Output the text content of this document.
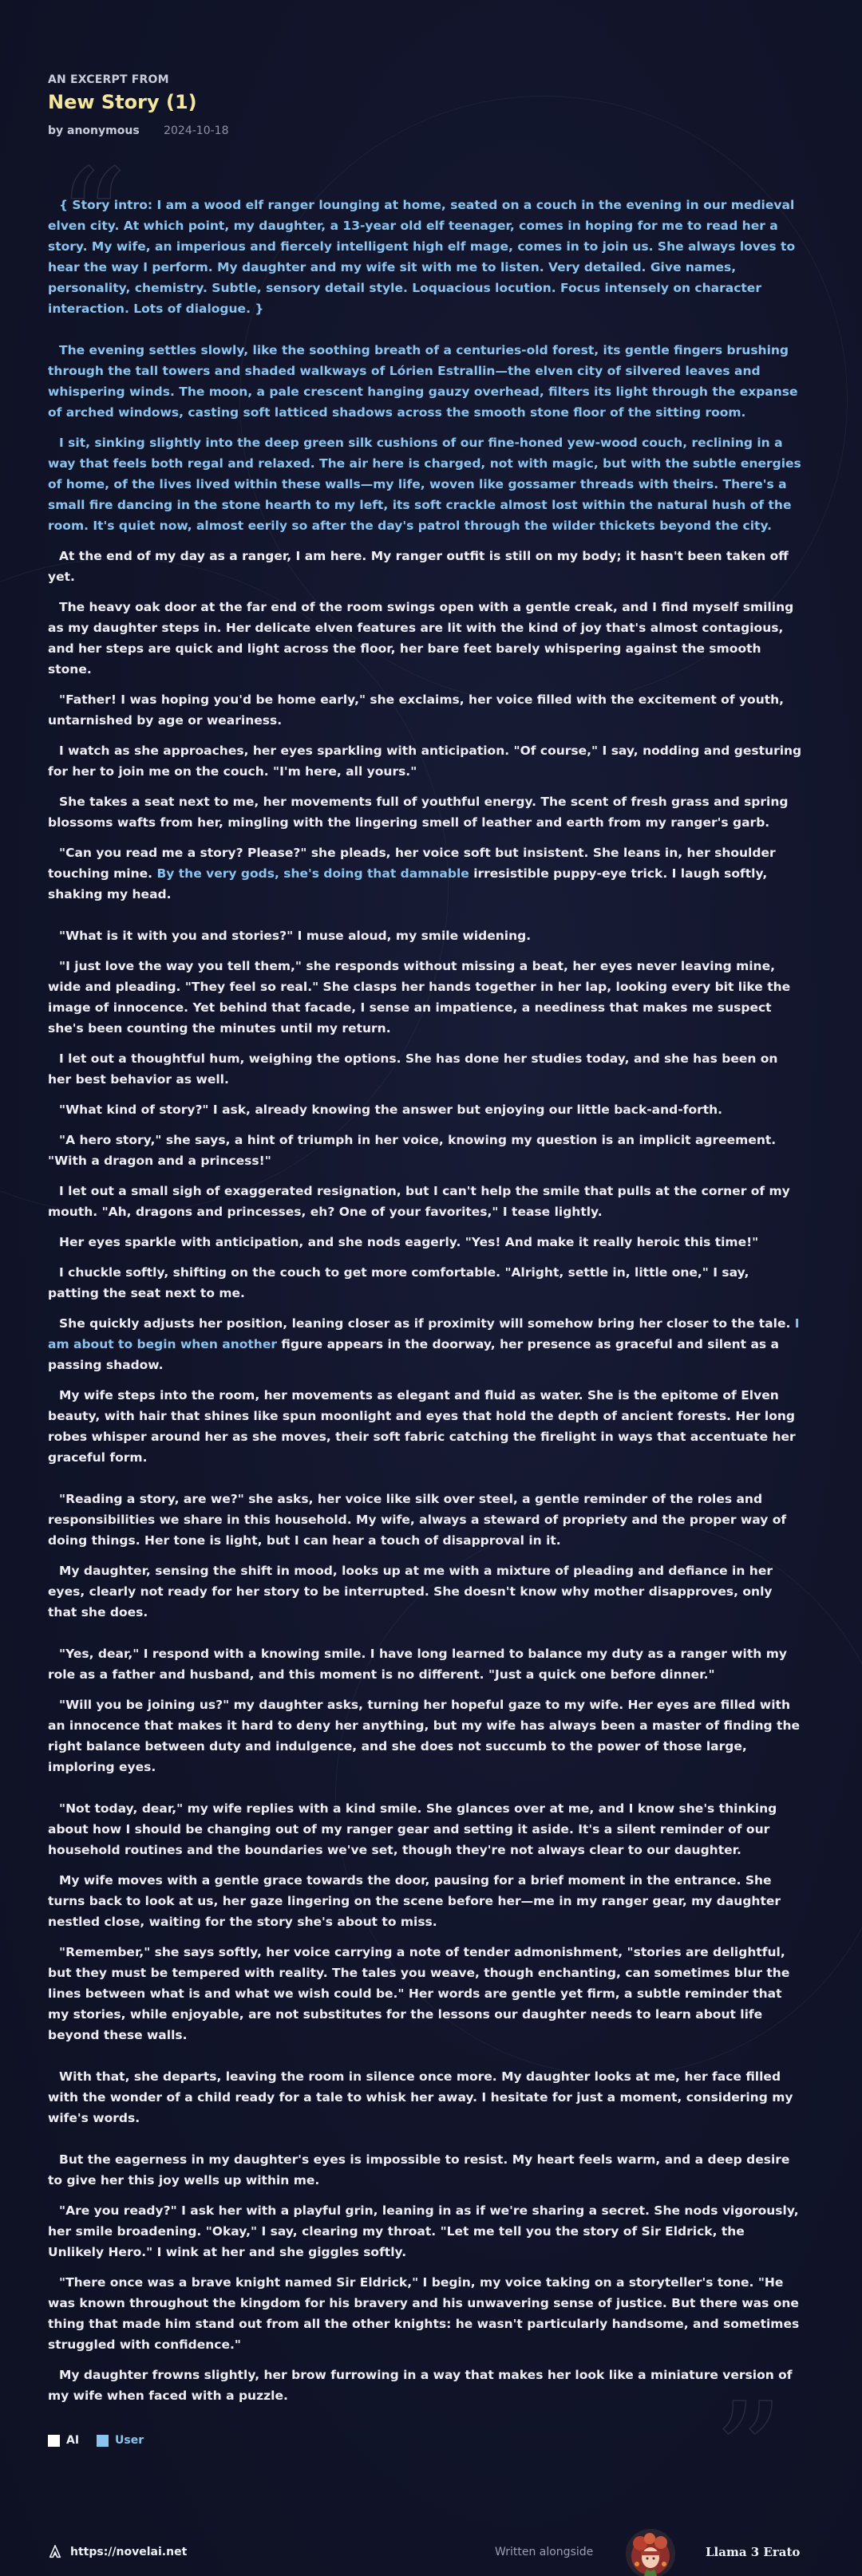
“
”
AN EXCERPT FROM
New Story (1)
by anonymous 2024-10-18

{ Story intro: I am a wood elf ranger lounging at home, seated on a couch in the evening in our medieval elven city. At which point, my daughter, a 13-year old elf teenager, comes in hoping for me to read her a story. My wife, an imperious and fiercely intelligent high elf mage, comes in to join us. She always loves to hear the way I perform. My daughter and my wife sit with me to listen. Very detailed. Give names, personality, chemistry. Subtle, sensory detail style. Loquacious locution. Focus intensely on character interaction. Lots of dialogue. }

The evening settles slowly, like the soothing breath of a centuries-old forest, its gentle fingers brushing through the tall towers and shaded walkways of Lórien Estrallin—the elven city of silvered leaves and whispering winds. The moon, a pale crescent hanging gauzy overhead, filters its light through the expanse of arched windows, casting soft latticed shadows across the smooth stone floor of the sitting room.

I sit, sinking slightly into the deep green silk cushions of our fine-honed yew-wood couch, reclining in a way that feels both regal and relaxed. The air here is charged, not with magic, but with the subtle energies of home, of the lives lived within these walls—my life, woven like gossamer threads with theirs. There's a small fire dancing in the stone hearth to my left, its soft crackle almost lost within the natural hush of the room. It's quiet now, almost eerily so after the day's patrol through the wilder thickets beyond the city.

At the end of my day as a ranger, I am here. My ranger outfit is still on my body; it hasn't been taken off yet.

The heavy oak door at the far end of the room swings open with a gentle creak, and I find myself smiling as my daughter steps in. Her delicate elven features are lit with the kind of joy that's almost contagious, and her steps are quick and light across the floor, her bare feet barely whispering against the smooth stone.

"Father! I was hoping you'd be home early," she exclaims, her voice filled with the excitement of youth, untarnished by age or weariness.

I watch as she approaches, her eyes sparkling with anticipation. "Of course," I say, nodding and gesturing for her to join me on the couch. "I'm here, all yours."

She takes a seat next to me, her movements full of youthful energy. The scent of fresh grass and spring blossoms wafts from her, mingling with the lingering smell of leather and earth from my ranger's garb.

"Can you read me a story? Please?" she pleads, her voice soft but insistent. She leans in, her shoulder touching mine. By the very gods, she's doing that damnable irresistible puppy-eye trick. I laugh softly, shaking my head.

"What is it with you and stories?" I muse aloud, my smile widening.

"I just love the way you tell them," she responds without missing a beat, her eyes never leaving mine, wide and pleading. "They feel so real." She clasps her hands together in her lap, looking every bit like the image of innocence. Yet behind that facade, I sense an impatience, a neediness that makes me suspect she's been counting the minutes until my return.

I let out a thoughtful hum, weighing the options. She has done her studies today, and she has been on her best behavior as well.

"What kind of story?" I ask, already knowing the answer but enjoying our little back-and-forth.

"A hero story," she says, a hint of triumph in her voice, knowing my question is an implicit agreement. "With a dragon and a princess!"

I let out a small sigh of exaggerated resignation, but I can't help the smile that pulls at the corner of my mouth. "Ah, dragons and princesses, eh? One of your favorites," I tease lightly.

Her eyes sparkle with anticipation, and she nods eagerly. "Yes! And make it really heroic this time!"

I chuckle softly, shifting on the couch to get more comfortable. "Alright, settle in, little one," I say, patting the seat next to me.

She quickly adjusts her position, leaning closer as if proximity will somehow bring her closer to the tale. I am about to begin when another figure appears in the doorway, her presence as graceful and silent as a passing shadow.

My wife steps into the room, her movements as elegant and fluid as water. She is the epitome of Elven beauty, with hair that shines like spun moonlight and eyes that hold the depth of ancient forests. Her long robes whisper around her as she moves, their soft fabric catching the firelight in ways that accentuate her graceful form.

"Reading a story, are we?" she asks, her voice like silk over steel, a gentle reminder of the roles and responsibilities we share in this household. My wife, always a steward of propriety and the proper way of doing things. Her tone is light, but I can hear a touch of disapproval in it.

My daughter, sensing the shift in mood, looks up at me with a mixture of pleading and defiance in her eyes, clearly not ready for her story to be interrupted. She doesn't know why mother disapproves, only that she does.

"Yes, dear," I respond with a knowing smile. I have long learned to balance my duty as a ranger with my role as a father and husband, and this moment is no different. "Just a quick one before dinner."

"Will you be joining us?" my daughter asks, turning her hopeful gaze to my wife. Her eyes are filled with an innocence that makes it hard to deny her anything, but my wife has always been a master of finding the right balance between duty and indulgence, and she does not succumb to the power of those large, imploring eyes.

"Not today, dear," my wife replies with a kind smile. She glances over at me, and I know she's thinking about how I should be changing out of my ranger gear and setting it aside. It's a silent reminder of our household routines and the boundaries we've set, though they're not always clear to our daughter.

My wife moves with a gentle grace towards the door, pausing for a brief moment in the entrance. She turns back to look at us, her gaze lingering on the scene before her—me in my ranger gear, my daughter nestled close, waiting for the story she's about to miss.

"Remember," she says softly, her voice carrying a note of tender admonishment, "stories are delightful, but they must be tempered with reality. The tales you weave, though enchanting, can sometimes blur the lines between what is and what we wish could be." Her words are gentle yet firm, a subtle reminder that my stories, while enjoyable, are not substitutes for the lessons our daughter needs to learn about life beyond these walls.

With that, she departs, leaving the room in silence once more. My daughter looks at me, her face filled with the wonder of a child ready for a tale to whisk her away. I hesitate for just a moment, considering my wife's words.

But the eagerness in my daughter's eyes is impossible to resist. My heart feels warm, and a deep desire to give her this joy wells up within me.

"Are you ready?" I ask her with a playful grin, leaning in as if we're sharing a secret. She nods vigorously, her smile broadening. "Okay," I say, clearing my throat. "Let me tell you the story of Sir Eldrick, the Unlikely Hero." I wink at her and she giggles softly.

"There once was a brave knight named Sir Eldrick," I begin, my voice taking on a storyteller's tone. "He was known throughout the kingdom for his bravery and his unwavering sense of justice. But there was one thing that made him stand out from all the other knights: he wasn't particularly handsome, and sometimes struggled with confidence."

My daughter frowns slightly, her brow furrowing in a way that makes her look like a miniature version of my wife when faced with a puzzle.

AI	User
https://novelai.net	Written alongside	Llama 3 Erato
